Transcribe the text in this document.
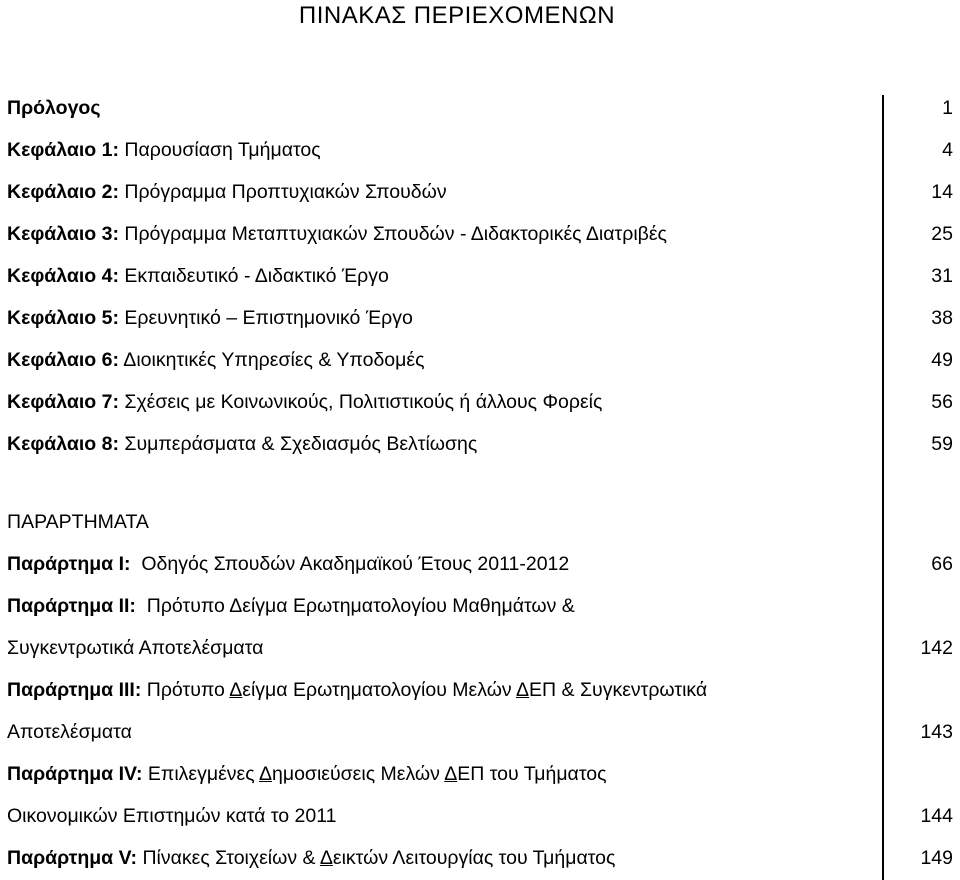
ΠΙΝΑΚΑΣ ΠΕΡΙΕΧΟΜΕΝΩΝ
Πρόλογος	1
Κεφάλαιο 1: Παρουσίαση Τμήματος	4
Κεφάλαιο 2: Πρόγραμμα Προπτυχιακών Σπουδών	14
Κεφάλαιο 3: Πρόγραμμα Μεταπτυχιακών Σπουδών - Διδακτορικές Διατριβές	25
Κεφάλαιο 4: Εκπαιδευτικό - Διδακτικό Έργο	31
Κεφάλαιο 5: Ερευνητικό – Επιστημονικό Έργο	38
Κεφάλαιο 6: Διοικητικές Υπηρεσίες & Υποδομές	49
Κεφάλαιο 7: Σχέσεις με Κοινωνικούς, Πολιτιστικούς ή άλλους Φορείς	56
Κεφάλαιο 8: Συμπεράσματα & Σχεδιασμός Βελτίωσης	59
ΠΑΡΑΡΤΗΜΑΤΑ
Παράρτημα Ι:  Οδηγός Σπουδών Ακαδημαϊκού Έτους 2011-2012	66
Παράρτημα ΙΙ:  Πρότυπο Δείγμα Ερωτηματολογίου Μαθημάτων &
Συγκεντρωτικά Αποτελέσματα	142
Παράρτημα ΙΙΙ: Πρότυπο Δείγμα Ερωτηματολογίου Μελών ΔΕΠ & Συγκεντρωτικά
Αποτελέσματα	143
Παράρτημα IV: Επιλεγμένες Δημοσιεύσεις Μελών ΔΕΠ του Τμήματος
Οικονομικών Επιστημών κατά το 2011	144
Παράρτημα V: Πίνακες Στοιχείων & Δεικτών Λειτουργίας του Τμήματος	149
